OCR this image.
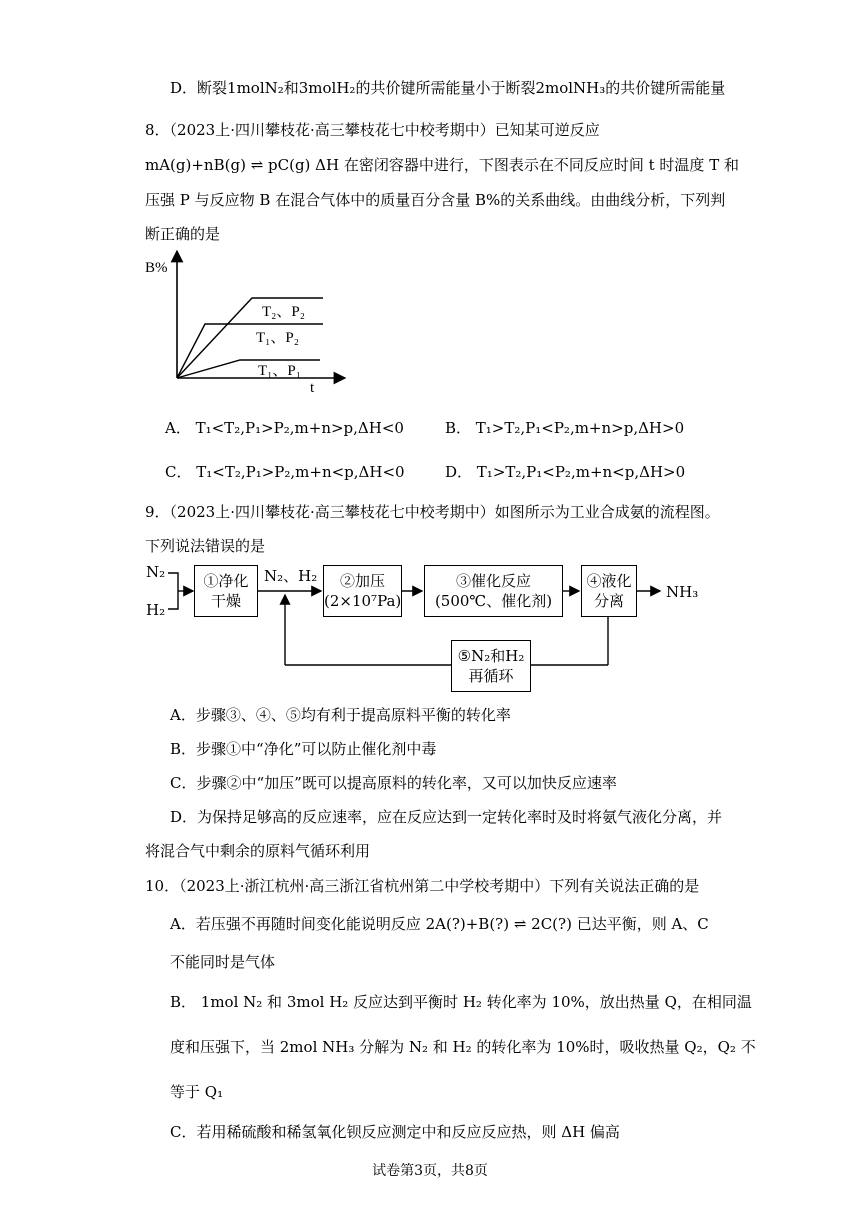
D．断裂1molN₂和3molH₂的共价键所需能量小于断裂2molNH₃的共价键所需能量
8．（2023上·四川攀枝花·高三攀枝花七中校考期中）已知某可逆反应
mA(g)+nB(g) ⇌ pC(g) ΔH 在密闭容器中进行，下图表示在不同反应时间 t 时温度 T 和
压强 P 与反应物 B 在混合气体中的质量百分含量 B%的关系曲线。由曲线分析，下列判
断正确的是
B%
t
T₂、P₂
T₁、P₂
T₁、P₁
A． T₁<T₂,P₁>P₂,m+n>p,ΔH<0	B． T₁>T₂,P₁<P₂,m+n>p,ΔH>0
C． T₁<T₂,P₁>P₂,m+n<p,ΔH<0	D． T₁>T₂,P₁<P₂,m+n<p,ΔH>0
9．（2023上·四川攀枝花·高三攀枝花七中校考期中）如图所示为工业合成氨的流程图。
下列说法错误的是
N₂
H₂
①净化
干燥
N₂、H₂	②加压
(2×10⁷Pa)
③催化反应
(500℃、催化剂)
④液化
分离	NH₃
⑤N₂和H₂
再循环
A．步骤③、④、⑤均有利于提高原料平衡的转化率
B．步骤①中“净化”可以防止催化剂中毒
C．步骤②中“加压”既可以提高原料的转化率，又可以加快反应速率
D．为保持足够高的反应速率，应在反应达到一定转化率时及时将氨气液化分离，并
将混合气中剩余的原料气循环利用
10．（2023上·浙江杭州·高三浙江省杭州第二中学校考期中）下列有关说法正确的是
A．若压强不再随时间变化能说明反应 2A(?)+B(?) ⇌ 2C(?) 已达平衡，则 A、C
不能同时是气体
B． 1mol N₂ 和 3mol H₂ 反应达到平衡时 H₂ 转化率为 10%，放出热量 Q，在相同温
度和压强下，当 2mol NH₃ 分解为 N₂ 和 H₂ 的转化率为 10%时，吸收热量 Q₂，Q₂ 不
等于 Q₁
C．若用稀硫酸和稀氢氧化钡反应测定中和反应反应热，则 ΔH 偏高
试卷第3页，共8页
